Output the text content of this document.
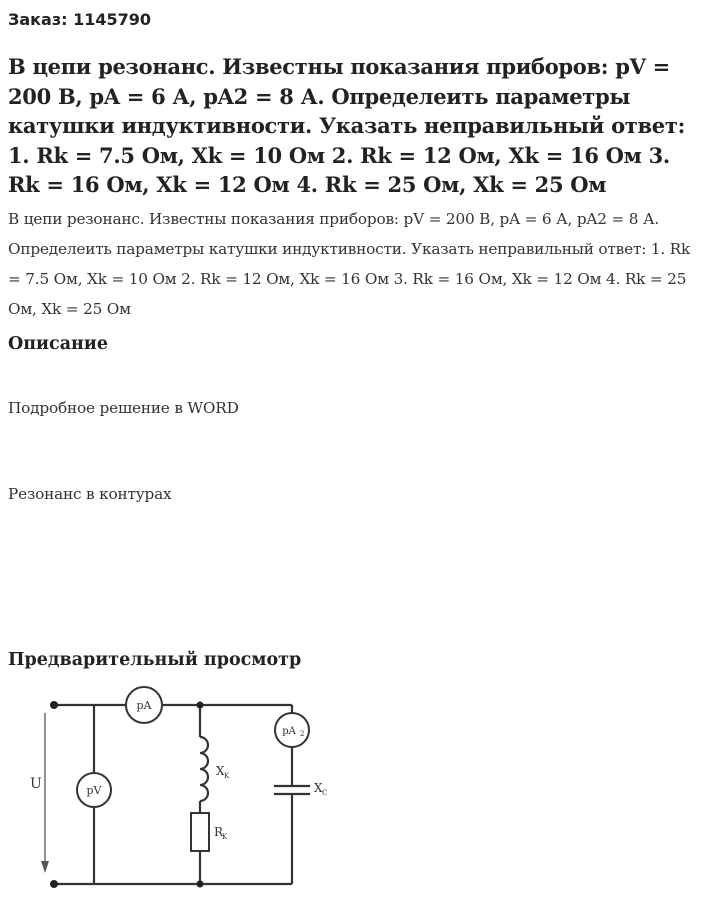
Заказ: 1145790
В цепи резонанс. Известны показания приборов: pV = 200 В, pA = 6 А, pA2 = 8 А. Определеить параметры катушки индуктивности. Указать неправильный ответ: 1. Rk = 7.5 Ом, Xk = 10 Ом 2. Rk = 12 Ом, Xk = 16 Ом 3. Rk = 16 Ом, Xk = 12 Ом 4. Rk = 25 Ом, Xk = 25 Ом

В цепи резонанс. Известны показания приборов: pV = 200 В, pA = 6 А, pA2 = 8 А. Определеить параметры катушки индуктивности. Указать неправильный ответ: 1. Rk = 7.5 Ом, Xk = 10 Ом 2. Rk = 12 Ом, Xk = 16 Ом 3. Rk = 16 Ом, Xk = 12 Ом 4. Rk = 25 Ом, Xk = 25 Ом

Описание

Подробное решение в WORD

Резонанс в контурах

Предварительный просмотр
U
pA
pV
pA 2
R
K
X K
X C
